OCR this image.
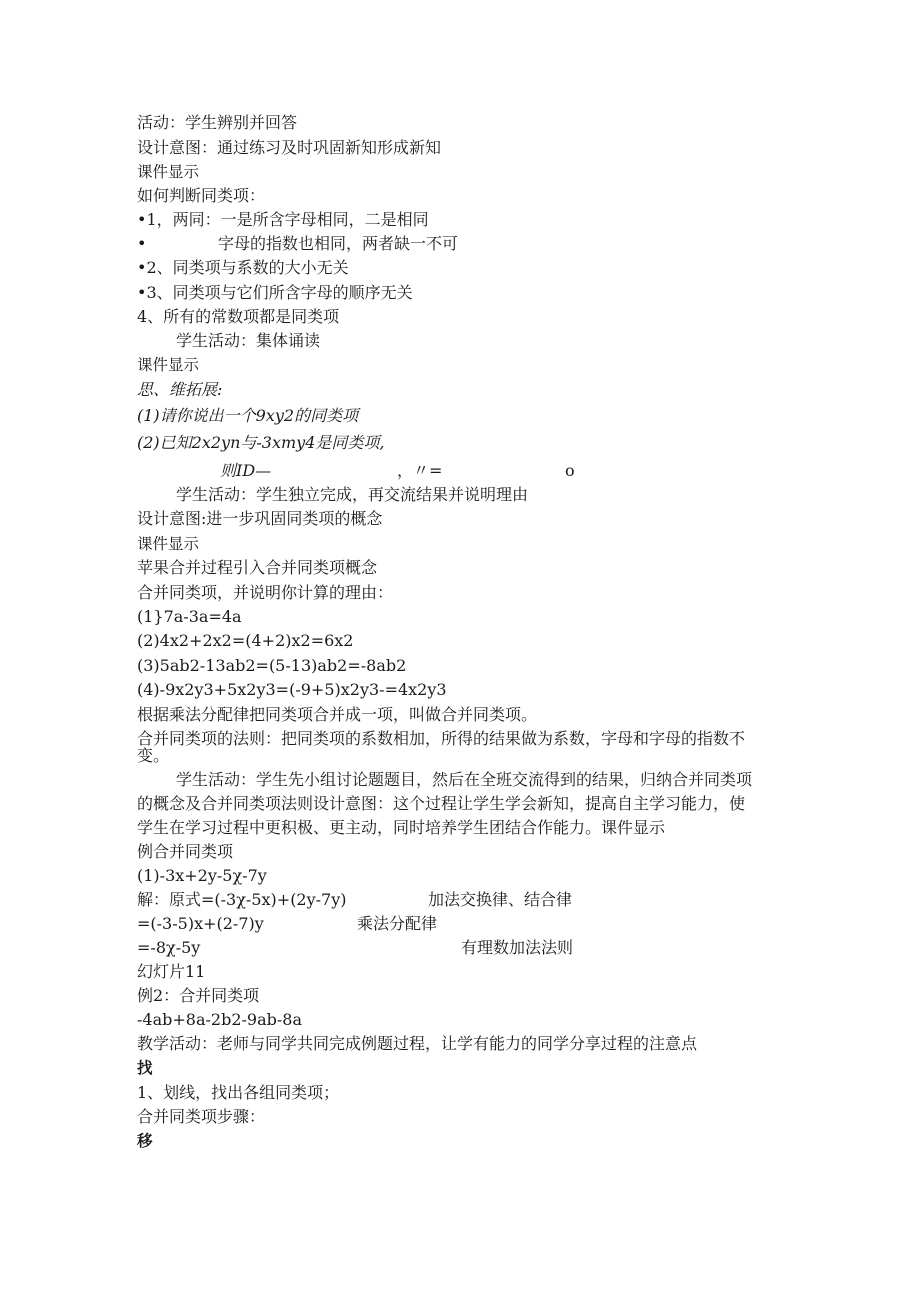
活动：学生辨别并回答
设计意图：通过练习及时巩固新知形成新知
课件显示
如何判断同类项：
•1，两同：一是所含字母相同，二是相同
•	字母的指数也相同，两者缺一不可
•2、同类项与系数的大小无关
•3、同类项与它们所含字母的顺序无关
4、所有的常数项都是同类项
学生活动：集体诵读
课件显示
思、维拓展:
(1)请你说出一个9xy2的同类项
(2)已知2x2yn与-3xmy4是同类项,
则ID—	，〃=	o
学生活动：学生独立完成，再交流结果并说明理由
设计意图:进一步巩固同类项的概念
课件显示
苹果合并过程引入合并同类项概念
合并同类项，并说明你计算的理由：
(1}7a-3a=4a
(2)4x2+2x2=(4+2)x2=6x2
(3)5ab2-13ab2=(5-13)ab2=-8ab2
(4)-9x2y3+5x2y3=(-9+5)x2y3-=4x2y3
根据乘法分配律把同类项合并成一项，叫做合并同类项。
合并同类项的法则：把同类项的系数相加，所得的结果做为系数，字母和字母的指数不
变。
学生活动：学生先小组讨论题题目，然后在全班交流得到的结果，归纳合并同类项
的概念及合并同类项法则设计意图：这个过程让学生学会新知，提高自主学习能力，使
学生在学习过程中更积极、更主动，同时培养学生团结合作能力。课件显示
例合并同类项
(1)-3x+2y-5χ-7y
解：原式=(-3χ-5x)+(2y-7y)	加法交换律、结合律
=(-3-5)x+(2-7)y	乘法分配律
=-8χ-5y	有理数加法法则
幻灯片11
例2：合并同类项
-4ab+8a-2b2-9ab-8a
教学活动：老师与同学共同完成例题过程，让学有能力的同学分享过程的注意点
找
1、划线，找出各组同类项；
合并同类项步骤：
移
